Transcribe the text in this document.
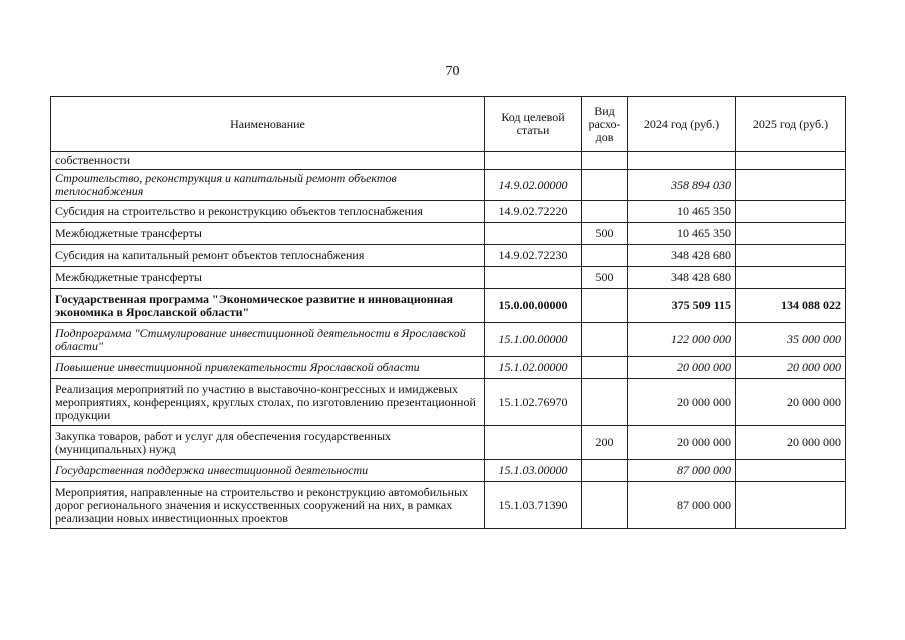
70
Наименование	Код целевой статьи	Вид расхо-дов	2024 год (руб.)	2025 год (руб.)
собственности				
Строительство, реконструкция и капитальный ремонт объектов теплоснабжения	14.9.02.00000		358 894 030	
Субсидия на строительство и реконструкцию объектов теплоснабжения	14.9.02.72220		10 465 350	
Межбюджетные трансферты		500	10 465 350	
Субсидия на капитальный ремонт объектов теплоснабжения	14.9.02.72230		348 428 680	
Межбюджетные трансферты		500	348 428 680	
Государственная программа "Экономическое развитие и инновационная экономика в Ярославской области"	15.0.00.00000		375 509 115	134 088 022
Подпрограмма "Стимулирование инвестиционной деятельности в Ярославской области"	15.1.00.00000		122 000 000	35 000 000
Повышение инвестиционной привлекательности Ярославской области	15.1.02.00000		20 000 000	20 000 000
Реализация мероприятий по участию в выставочно-конгрессных и имиджевых мероприятиях, конференциях, круглых столах, по изготовлению презентационной продукции	15.1.02.76970		20 000 000	20 000 000
Закупка товаров, работ и услуг для обеспечения государственных (муниципальных) нужд		200	20 000 000	20 000 000
Государственная поддержка инвестиционной деятельности	15.1.03.00000		87 000 000	
Мероприятия, направленные на строительство и реконструкцию автомобильных дорог регионального значения и искусственных сооружений на них, в рамках реализации новых инвестиционных проектов	15.1.03.71390		87 000 000	
